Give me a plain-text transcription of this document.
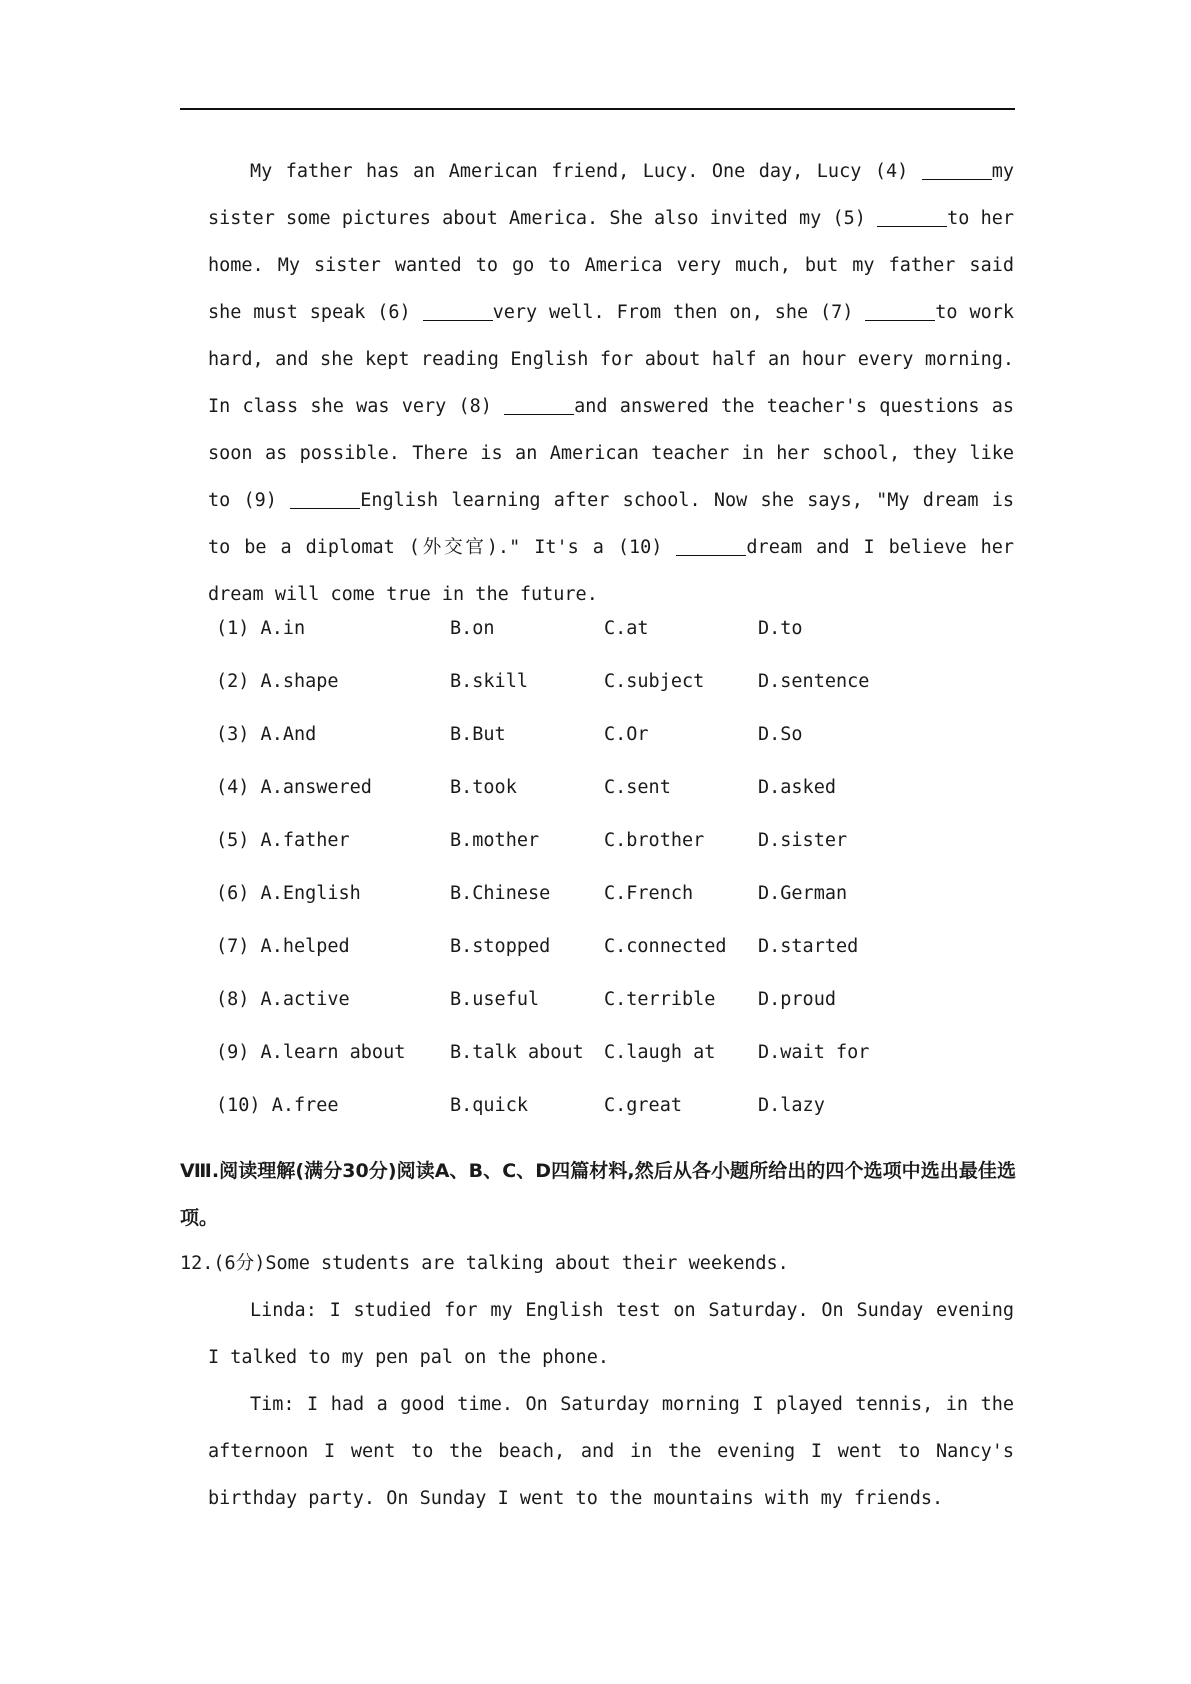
My father has an American friend, Lucy. One day, Lucy (4)	my sister some pictures about America. She also invited my (5)	to her home. My sister wanted to go to America very much, but my father said she must speak (6)	very well. From then on, she (7)	to work hard, and she kept reading English for about half an hour every morning. In class she was very (8)	and answered the teacher's questions as soon as possible. There is an American teacher in her school, they like to (9)	English learning after school. Now she says, "My dream is to be a diplomat (外交官)." It's a (10)	dream and I believe her dream will come true in the future.
(1) A.in	B.on	C.at	D.to
(2) A.shape	B.skill	C.subject	D.sentence
(3) A.And	B.But	C.Or	D.So
(4) A.answered	B.took	C.sent	D.asked
(5) A.father	B.mother	C.brother	D.sister
(6) A.English	B.Chinese	C.French	D.German
(7) A.helped	B.stopped	C.connected D.started
(8) A.active	B.useful	C.terrible D.proud
(9) A.learn about B.talk about C.laugh at D.wait for
(10) A.free	B.quick	C.great	D.lazy
Ⅷ.阅读理解(满分30分)阅读A、B、C、D四篇材料,然后从各小题所给出的四个选项中选出最佳选项。
12.(6分)Some students are talking about their weekends.
Linda: I studied for my English test on Saturday. On Sunday evening I talked to my pen pal on the phone.
Tim: I had a good time. On Saturday morning I played tennis, in the afternoon I went to the beach, and in the evening I went to Nancy's birthday party. On Sunday I went to the mountains with my friends.
